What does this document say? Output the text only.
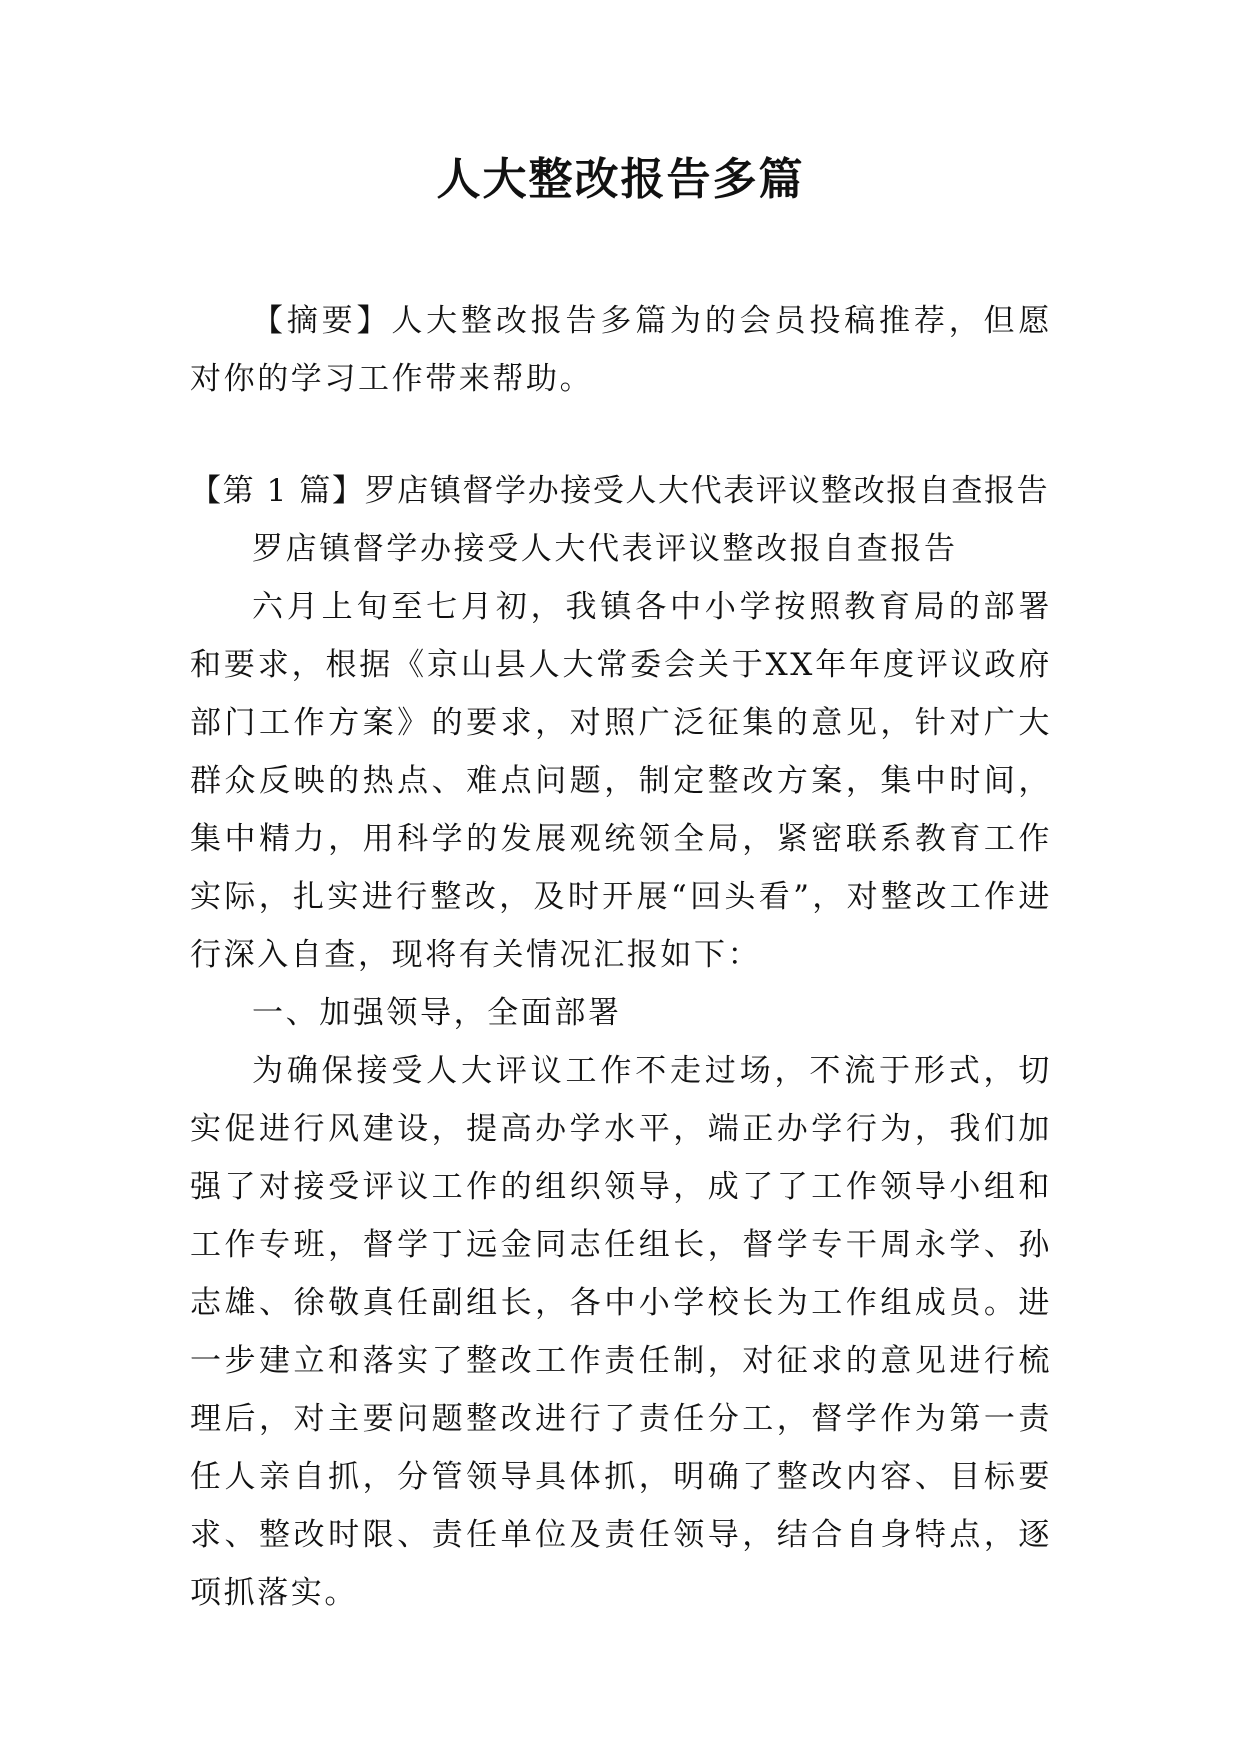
人大整改报告多篇

【摘要】人大整改报告多篇为的会员投稿推荐，但愿对你的学习工作带来帮助。

【第 1 篇】罗店镇督学办接受人大代表评议整改报自查报告

罗店镇督学办接受人大代表评议整改报自查报告

六月上旬至七月初，我镇各中小学按照教育局的部署和要求，根据《京山县人大常委会关于XX年年度评议政府部门工作方案》的要求，对照广泛征集的意见，针对广大群众反映的热点、难点问题，制定整改方案，集中时间，集中精力，用科学的发展观统领全局，紧密联系教育工作实际，扎实进行整改，及时开展“回头看”，对整改工作进行深入自查，现将有关情况汇报如下：

一、加强领导，全面部署

为确保接受人大评议工作不走过场，不流于形式，切实促进行风建设，提高办学水平，端正办学行为，我们加强了对接受评议工作的组织领导，成了了工作领导小组和工作专班，督学丁远金同志任组长，督学专干周永学、孙志雄、徐敬真任副组长，各中小学校长为工作组成员。进一步建立和落实了整改工作责任制，对征求的意见进行梳理后，对主要问题整改进行了责任分工，督学作为第一责任人亲自抓，分管领导具体抓，明确了整改内容、目标要求、整改时限、责任单位及责任领导，结合自身特点，逐项抓落实。
